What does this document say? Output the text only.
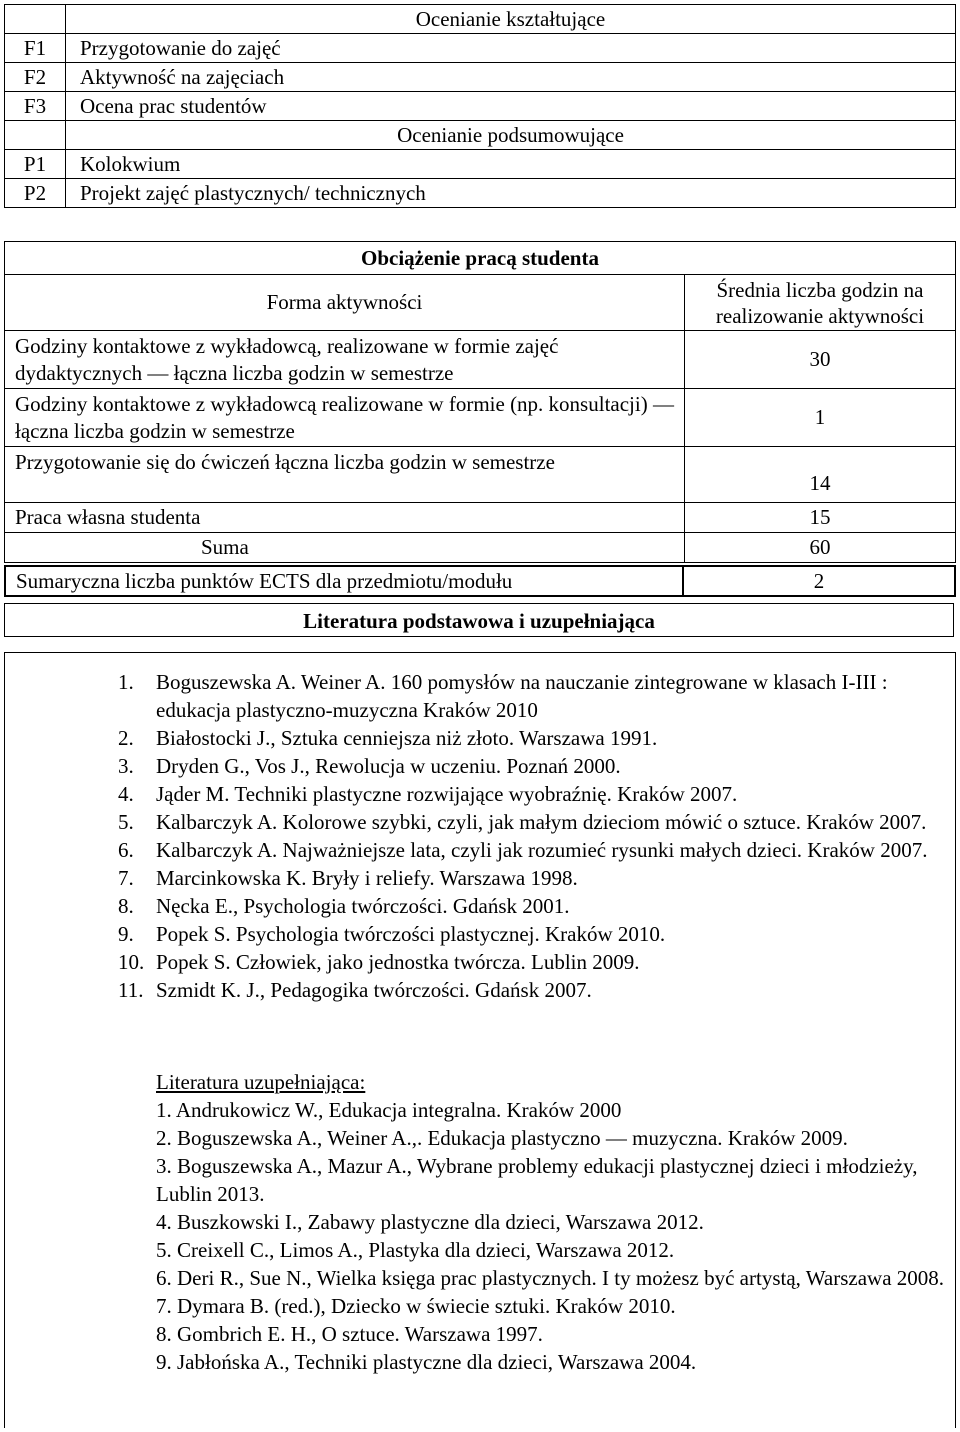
	Ocenianie kształtujące
F1	Przygotowanie do zajęć
F2	Aktywność na zajęciach
F3	Ocena prac studentów
	Ocenianie podsumowujące
P1	Kolokwium
P2	Projekt zajęć plastycznych/ technicznych
Obciążenie pracą studenta	
Forma aktywności	Średnia liczba godzin na realizowanie aktywności
Godziny kontaktowe z wykładowcą, realizowane w formie zajęć dydaktycznych — łączna liczba godzin w semestrze	30
Godziny kontaktowe z wykładowcą realizowane w formie (np. konsultacji) — łączna liczba godzin w semestrze	1
Przygotowanie się do ćwiczeń łączna liczba godzin w semestrze	14
Praca własna studenta	15
Suma	60
Sumaryczna liczba punktów ECTS dla przedmiotu/modułu	2
Literatura podstawowa i uzupełniająca
1.	Boguszewska A. Weiner A. 160 pomysłów na nauczanie zintegrowane w klasach I-III : edukacja plastyczno-muzyczna Kraków 2010
2.	Białostocki J., Sztuka cenniejsza niż złoto. Warszawa 1991.
3.	Dryden G., Vos J., Rewolucja w uczeniu. Poznań 2000.
4.	Jąder M. Techniki plastyczne rozwijające wyobraźnię. Kraków 2007.
5.	Kalbarczyk A. Kolorowe szybki, czyli, jak małym dzieciom mówić o sztuce. Kraków 2007.
6.	Kalbarczyk A. Najważniejsze lata, czyli jak rozumieć rysunki małych dzieci. Kraków 2007.
7.	Marcinkowska K. Bryły i reliefy. Warszawa 1998.
8.	Nęcka E., Psychologia twórczości. Gdańsk 2001.
9.	Popek S. Psychologia twórczości plastycznej. Kraków 2010.
10. Popek S. Człowiek, jako jednostka twórcza. Lublin 2009.
11. Szmidt K. J., Pedagogika twórczości. Gdańsk 2007.
Literatura uzupełniająca:
1. Andrukowicz W., Edukacja integralna. Kraków 2000
2. Boguszewska A., Weiner A.,. Edukacja plastyczno — muzyczna. Kraków 2009.
3. Boguszewska A., Mazur A., Wybrane problemy edukacji plastycznej dzieci i młodzieży, Lublin 2013.
4. Buszkowski I., Zabawy plastyczne dla dzieci, Warszawa 2012.
5. Creixell C., Limos A., Plastyka dla dzieci, Warszawa 2012.
6. Deri R., Sue N., Wielka księga prac plastycznych. I ty możesz być artystą, Warszawa 2008.
7. Dymara B. (red.), Dziecko w świecie sztuki. Kraków 2010.
8. Gombrich E. H., O sztuce. Warszawa 1997.
9. Jabłońska A., Techniki plastyczne dla dzieci, Warszawa 2004.
